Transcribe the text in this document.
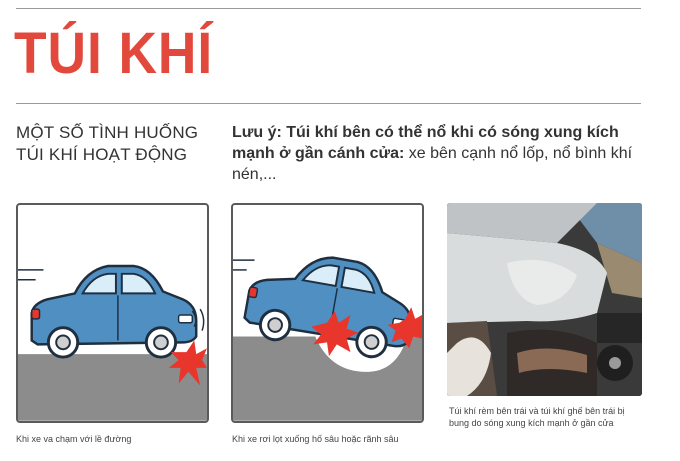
TÚI KHÍ
MỘT SỐ TÌNH HUỐNG
TÚI KHÍ HOẠT ĐỘNG
Lưu ý: Túi khí bên có thể nổ khi có sóng xung kích mạnh ở gần cánh cửa: xe bên cạnh nổ lốp, nổ bình khí nén,...
Khi xe va chạm với lề đường	Khi xe rơi lọt xuống hố sâu hoặc rãnh sâu
Túi khí rèm bên trái và túi khí ghế bên trái bị bung do sóng xung kích mạnh ở gần cửa
